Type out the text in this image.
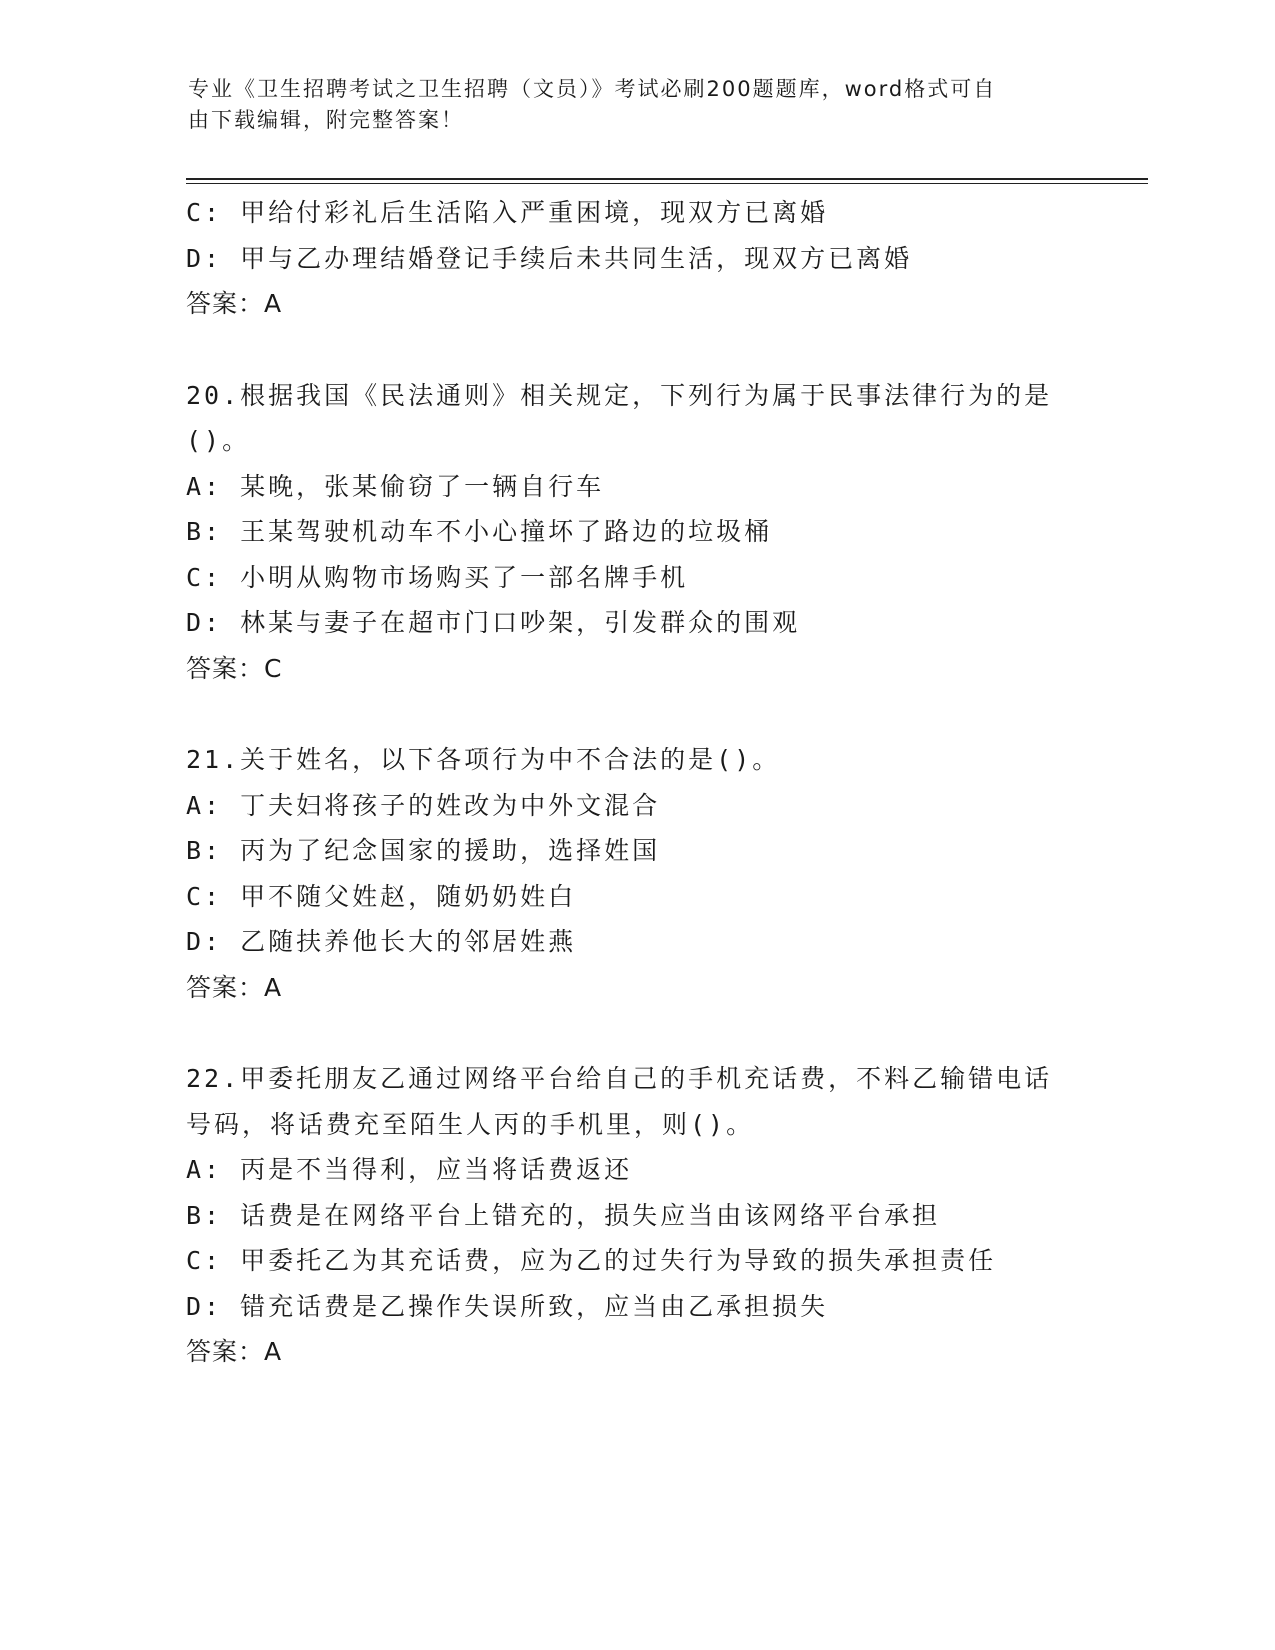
专业《卫生招聘考试之卫生招聘（文员）》考试必刷200题题库，word格式可自
由下载编辑，附完整答案！
C: 甲给付彩礼后生活陷入严重困境，现双方已离婚
D: 甲与乙办理结婚登记手续后未共同生活，现双方已离婚
答案：A
20.根据我国《民法通则》相关规定，下列行为属于民事法律行为的是
()。
A: 某晚，张某偷窃了一辆自行车
B: 王某驾驶机动车不小心撞坏了路边的垃圾桶
C: 小明从购物市场购买了一部名牌手机
D: 林某与妻子在超市门口吵架，引发群众的围观
答案：C
21.关于姓名，以下各项行为中不合法的是()。
A: 丁夫妇将孩子的姓改为中外文混合
B: 丙为了纪念国家的援助，选择姓国
C: 甲不随父姓赵，随奶奶姓白
D: 乙随扶养他长大的邻居姓燕
答案：A
22.甲委托朋友乙通过网络平台给自己的手机充话费，不料乙输错电话
号码，将话费充至陌生人丙的手机里，则()。
A: 丙是不当得利，应当将话费返还
B: 话费是在网络平台上错充的，损失应当由该网络平台承担
C: 甲委托乙为其充话费，应为乙的过失行为导致的损失承担责任
D: 错充话费是乙操作失误所致，应当由乙承担损失
答案：A
